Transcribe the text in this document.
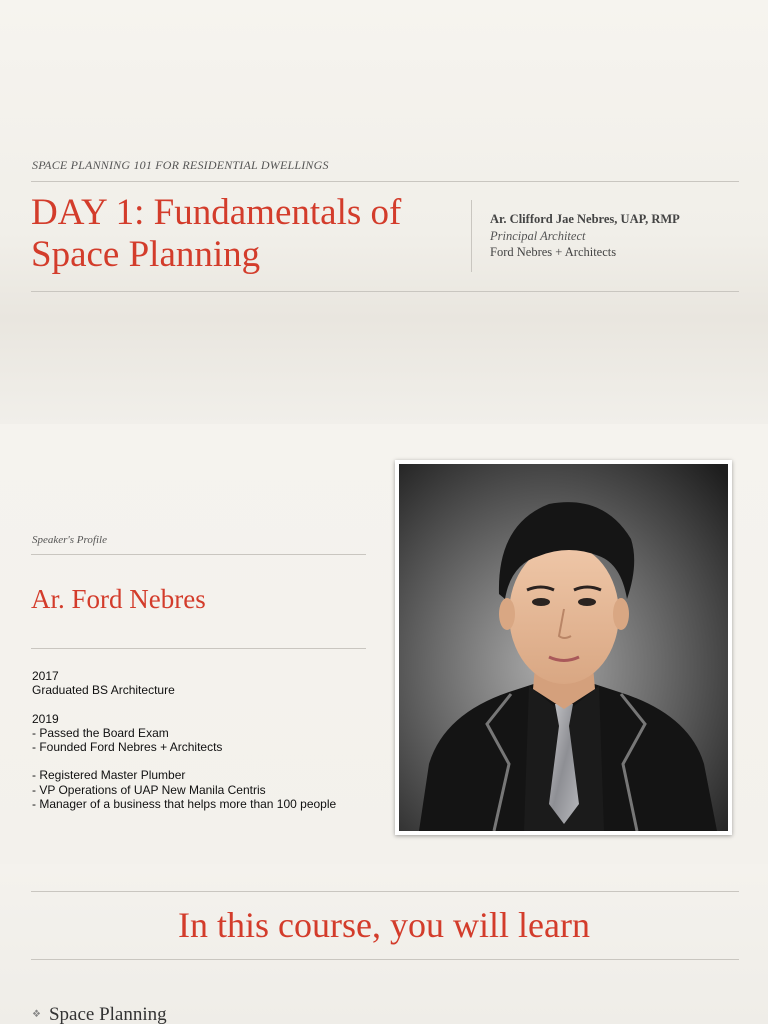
SPACE PLANNING 101 FOR RESIDENTIAL DWELLINGS
DAY 1: Fundamentals of
Space Planning
Ar. Clifford Jae Nebres, UAP, RMP
Principal Architect
Ford Nebres + Architects
Speaker's Profile
Ar. Ford Nebres
2017
Graduated BS Architecture
2019
- Passed the Board Exam
- Founded Ford Nebres + Architects
- Registered Master Plumber
- VP Operations of UAP New Manila Centris
- Manager of a business that helps more than 100 people
In this course, you will learn
❖ Space Planning
